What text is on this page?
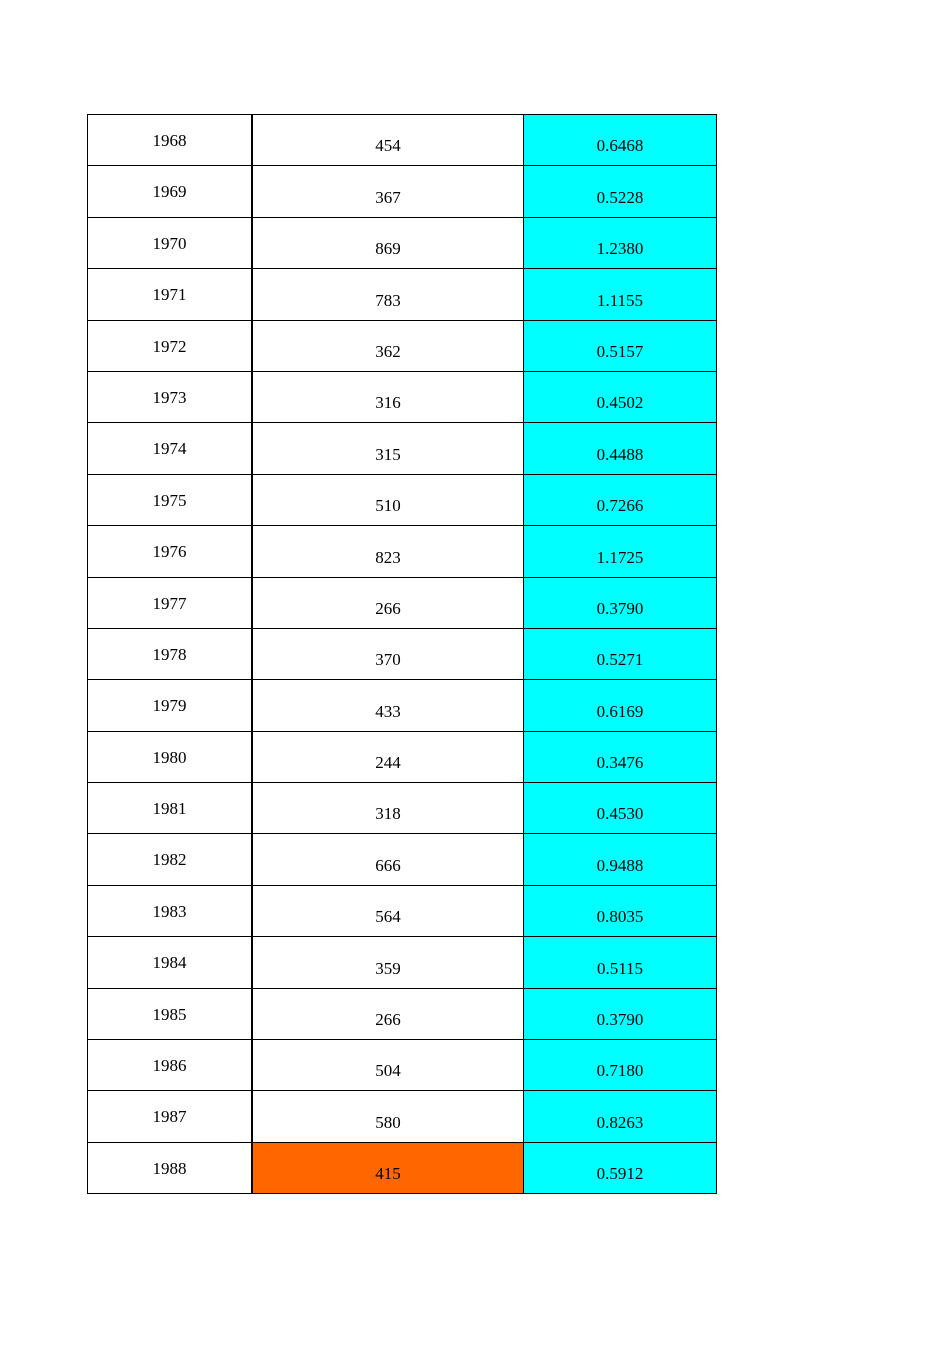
1968	454	0.6468
1969	367	0.5228
1970	869	1.2380
1971	783	1.1155
1972	362	0.5157
1973	316	0.4502
1974	315	0.4488
1975	510	0.7266
1976	823	1.1725
1977	266	0.3790
1978	370	0.5271
1979	433	0.6169
1980	244	0.3476
1981	318	0.4530
1982	666	0.9488
1983	564	0.8035
1984	359	0.5115
1985	266	0.3790
1986	504	0.7180
1987	580	0.8263
1988	415	0.5912
